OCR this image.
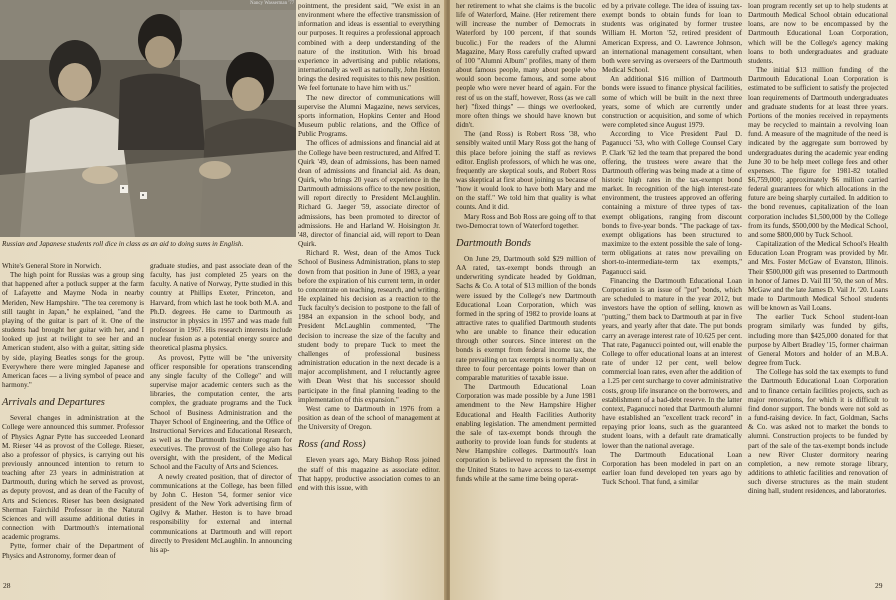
Nancy Wasserman '77
Russian and Japanese students roll dice in class as an aid to doing sums in English.

White's General Store in Norwich.

The high point for Russias was a group sing that happened after a potluck supper at the farm of Lafayette and Mayme Noda in nearby Meriden, New Hampshire. "The tea ceremony is still taught in Japan," he explained, "and the playing of the guitar is part of it. One of the students had brought her guitar with her, and I looked up just at twilight to see her and an American student, also with a guitar, sitting side by side, playing Beatles songs for the group. Everywhere there were mingled Japanese and American faces — a living symbol of peace and harmony."

Arrivals and Departures

Several changes in administration at the College were announced this summer. Professor of Physics Agnar Pytte has succeeded Leonard M. Rieser '44 as provost of the College. Rieser, also a professor of physics, is carrying out his previously announced intention to return to teaching after 23 years in administration at Dartmouth, during which he served as provost, as deputy provost, and as dean of the Faculty of Arts and Sciences. Rieser has been designated Sherman Fairchild Professor in the Natural Sciences and will assume additional duties in connection with Dartmouth's international academic programs.

Pytte, former chair of the Department of Physics and Astronomy, former dean of

graduate studies, and past associate dean of the faculty, has just completed 25 years on the faculty. A native of Norway, Pytte studied in this country at Phillips Exeter, Princeton, and Harvard, from which last he took both M.A. and Ph.D. degrees. He came to Dartmouth as instructor in physics in 1957 and was made full professor in 1967. His research interests include nuclear fusion as a potential energy source and theoretical plasma physics.

As provost, Pytte will be "the university officer responsible for operations transcending any single faculty of the College" and will supervise major academic centers such as the libraries, the computation center, the arts complex, the graduate programs and the Tuck School of Business Administration and the Thayer School of Engineering, and the Office of Instructional Services and Educational Research, as well as the Dartmouth Institute program for executives. The provost of the College also has oversight, with the president, of the Medical School and the Faculty of Arts and Sciences.

A newly created position, that of director of communications at the College, has been filled by John C. Heston '54, former senior vice president of the New York advertising firm of Ogilvy & Mather. Heston is to have broad responsibility for external and internal communications at Dartmouth and will report directly to President McLaughlin. In announcing his ap-

pointment, the president said, "We exist in an environment where the effective transmission of information and ideas is essential to everything our purposes. It requires a professional approach combined with a deep understanding of the nature of the institution. With his broad experience in advertising and public relations, internationally as well as nationally, John Heston brings the desired requisites to this new position. We feel fortunate to have him with us."

The new director of communications will supervise the Alumni Magazine, news services, sports information, Hopkins Center and Hood Museum public relations, and the Office of Public Programs.

The offices of admissions and financial aid at the College have been restructured, and Alfred T. Quirk '49, dean of admissions, has been named dean of admissions and financial aid. As dean, Quirk, who brings 20 years of experience in the Dartmouth admissions office to the new position, will report directly to President McLaughlin. Richard G. Jaeger '59, associate director of admissions, has been promoted to director of admissions. He and Harland W. Hoisington Jr. '48, director of financial aid, will report to Dean Quirk.

Richard R. West, dean of the Amos Tuck School of Business Administration, plans to step down from that position in June of 1983, a year before the expiration of his current term, in order to concentrate on teaching, research, and writing. He explained his decision as a reaction to the Tuck faculty's decision to postpone to the fall of 1984 an expansion in the school body, and President McLaughlin commented, "The decision to increase the size of the faculty and student body to prepare Tuck to meet the challenges of professional business administration education in the next decade is a major accomplishment, and I reluctantly agree with Dean West that his successor should participate in the final planning leading to the implementation of this expansion."

West came to Dartmouth in 1976 from a position as dean of the school of management at the University of Oregon.

Ross (and Ross)

Eleven years ago, Mary Bishop Ross joined the staff of this magazine as associate editor. That happy, productive association comes to an end with this issue, with

28

her retirement to what she claims is the bucolic life of Waterford, Maine. (Her retirement there will increase the number of Democrats in Waterford by 100 percent, if that sounds bucolic.) For the readers of the Alumni Magazine, Mary Ross carefully crafted upward of 100 "Alumni Album" profiles, many of them about famous people, many about people who would soon become famous, and some about people who were never heard of again. For the rest of us on the staff, however, Ross (as we call her) "fixed things" — things we overlooked, more often things we should have known but didn't.

The (and Ross) is Robert Ross '38, who sensibly waited until Mary Ross got the hang of this place before joining the staff as reviews editor. English professors, of which he was one, frequently are skeptical souls, and Robert Ross was skeptical at first about joining us because of "how it would look to have both Mary and me on the staff." We told him that quality is what counts. And it did.

Mary Ross and Bob Ross are going off to that two-Democrat town of Waterford together.

Dartmouth Bonds

On June 29, Dartmouth sold $29 million of AA rated, tax-exempt bonds through an underwriting syndicate headed by Goldman, Sachs & Co. A total of $13 million of the bonds were issued by the College's new Dartmouth Educational Loan Corporation, which was formed in the spring of 1982 to provide loans at attractive rates to qualified Dartmouth students who are unable to finance their education through other sources. Since interest on the bonds is exempt from federal income tax, the rate prevailing on tax exempts is normally about three to four percentage points lower than on comparable maturities of taxable issue.

The Dartmouth Educational Loan Corporation was made possible by a June 1981 amendment to the New Hampshire Higher Educational and Health Facilities Authority enabling legislation. The amendment permitted the sale of tax-exempt bonds through the authority to provide loan funds for students at New Hampshire colleges. Dartmouth's loan corporation is believed to represent the first in the United States to have access to tax-exempt funds while at the same time being operat-

ed by a private college. The idea of issuing tax-exempt bonds to obtain funds for loan to students was originated by former trustee William H. Morton '52, retired president of American Express, and O. Lawrence Johnson, an international management consultant, when both were serving as overseers of the Dartmouth Medical School.

An additional $16 million of Dartmouth bonds were issued to finance physical facilities, some of which will be built in the next three years, some of which are currently under construction or acquisition, and some of which were completed since August 1979.

According to Vice President Paul D. Paganucci '53, who with College Counsel Cary P. Clark '62 led the team that prepared the bond offering, the trustees were aware that the Dartmouth offering was being made at a time of historic high rates in the tax-exempt bond market. In recognition of the high interest-rate environment, the trustees approved an offering containing a mixture of three types of tax-exempt obligations, ranging from discount bonds to five-year bonds. "The package of tax-exempt obligations has been structured to maximize to the extent possible the sale of long-term obligations at rates now prevailing on short-to-intermediate-term tax exempts," Paganucci said.

Financing the Dartmouth Educational Loan Corporation is an issue of "put" bonds, which are scheduled to mature in the year 2012, but investors have the option of selling, known as "putting," them back to Dartmouth at par in five years, and yearly after that date. The put bonds carry an average interest rate of 10.625 per cent. That rate, Paganucci pointed out, will enable the College to offer educational loans at an interest rate of under 12 per cent, well below commercial loan rates, even after the addition of a 1.25 per cent surcharge to cover administrative costs, group life insurance on the borrowers, and establishment of a bad-debt reserve. In the latter context, Paganucci noted that Dartmouth alumni have established an "excellent track record" in repaying prior loans, such as the guaranteed student loans, with a default rate dramatically lower than the national average.

The Dartmouth Educational Loan Corporation has been modeled in part on an earlier loan fund developed ten years ago by Tuck School. That fund, a similar

loan program recently set up to help students at Dartmouth Medical School obtain educational loans, are now to be encompassed by the Dartmouth Educational Loan Corporation, which will be the College's agency making loans to both undergraduates and graduate students.

The initial $13 million funding of the Dartmouth Educational Loan Corporation is estimated to be sufficient to satisfy the projected loan requirements of Dartmouth undergraduates and graduate students for at least three years. Portions of the monies received in repayments may be recycled to maintain a revolving loan fund. A measure of the magnitude of the need is indicated by the aggregate sum borrowed by undergraduates during the academic year ending June 30 to be help meet college fees and other expenses. The figure for 1981-82 totalled $6,759,000; approximately $6 million carried federal guarantees for which allocations in the future are being sharply curtailed. In addition to the bond revenues, capitalization of the loan corporation includes $1,500,000 by the College from its funds, $500,000 by the Medical School, and some $800,000 by Tuck School.

Capitalization of the Medical School's Health Education Loan Program was provided by Mr. and Mrs. Foster McGaw of Evanston, Illinois. Their $500,000 gift was presented to Dartmouth in honor of James D. Vail III '50, the son of Mrs. McGaw and the late James D. Vail Jr. '20. Loans made to Dartmouth Medical School students will be known as Vail Loans.

The earlier Tuck School student-loan program similarly was funded by gifts, including more than $425,000 donated for that purpose by Albert Bradley '15, former chairman of General Motors and holder of an M.B.A. degree from Tuck.

The College has sold the tax exempts to fund the Dartmouth Educational Loan Corporation and to finance certain facilities projects, such as major renovations, for which it is difficult to find donor support. The bonds were not sold as a fund-raising device. In fact, Goldman, Sachs & Co. was asked not to market the bonds to alumni. Construction projects to be funded by part of the sale of the tax-exempt bonds include a new River Cluster dormitory nearing completion, a new remote storage library, additions to athletic facilities and renovation of such diverse structures as the main student dining hall, student residences, and laboratories.

29
